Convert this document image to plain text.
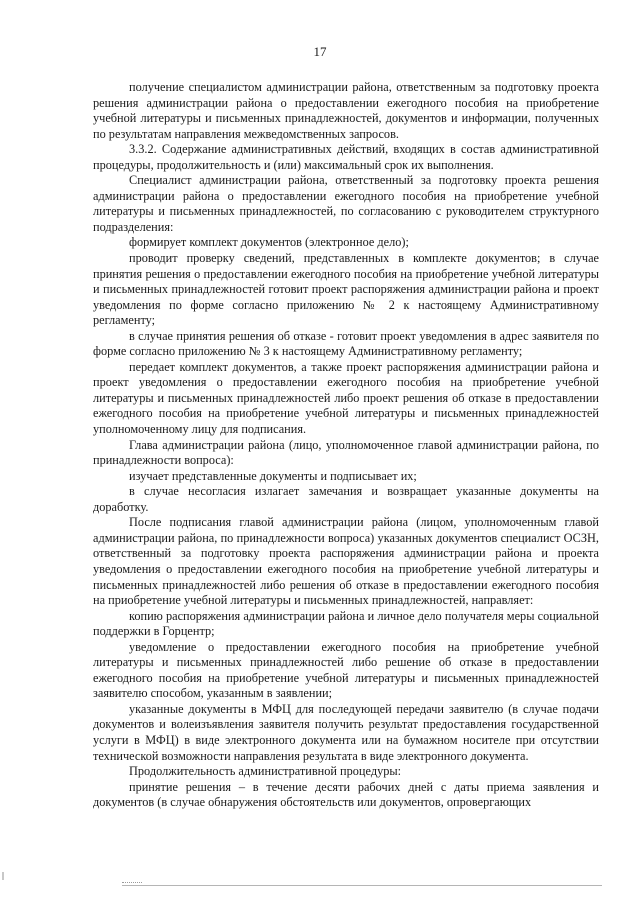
17

получение специалистом администрации района, ответственным за подготовку проекта решения администрации района о предоставлении ежегодного пособия на приобретение учебной литературы и письменных принадлежностей, документов и информации, полученных по результатам направления межведомственных запросов.

3.3.2. Содержание административных действий, входящих в состав административной процедуры, продолжительность и (или) максимальный срок их выполнения.

Специалист администрации района, ответственный за подготовку проекта решения администрации района о предоставлении ежегодного пособия на приобретение учебной литературы и письменных принадлежностей, по согласованию с руководителем структурного подразделения:

формирует комплект документов (электронное дело);

проводит проверку сведений, представленных в комплекте документов; в случае принятия решения о предоставлении ежегодного пособия на приобретение учебной литературы и письменных принадлежностей готовит проект распоряжения администрации района и проект уведомления по форме согласно приложению № 2 к настоящему Административному регламенту;

в случае принятия решения об отказе - готовит проект уведомления в адрес заявителя по форме согласно приложению № 3 к настоящему Административному регламенту;

передает комплект документов, а также проект распоряжения администрации района и проект уведомления о предоставлении ежегодного пособия на приобретение учебной литературы и письменных принадлежностей либо проект решения об отказе в предоставлении ежегодного пособия на приобретение учебной литературы и письменных принадлежностей уполномоченному лицу для подписания.

Глава администрации района (лицо, уполномоченное главой администрации района, по принадлежности вопроса):

изучает представленные документы и подписывает их;

в случае несогласия излагает замечания и возвращает указанные документы на доработку.

После подписания главой администрации района (лицом, уполномоченным главой администрации района, по принадлежности вопроса) указанных документов специалист ОСЗН, ответственный за подготовку проекта распоряжения администрации района и проекта уведомления о предоставлении ежегодного пособия на приобретение учебной литературы и письменных принадлежностей либо решения об отказе в предоставлении ежегодного пособия на приобретение учебной литературы и письменных принадлежностей, направляет:

копию распоряжения администрации района и личное дело получателя меры социальной поддержки в Горцентр;

уведомление о предоставлении ежегодного пособия на приобретение учебной литературы и письменных принадлежностей либо решение об отказе в предоставлении ежегодного пособия на приобретение учебной литературы и письменных принадлежностей заявителю способом, указанным в заявлении;

указанные документы в МФЦ для последующей передачи заявителю (в случае подачи документов и волеизъявления заявителя получить результат предоставления государственной услуги в МФЦ) в виде электронного документа или на бумажном носителе при отсутствии технической возможности направления результата в виде электронного документа.

Продолжительность административной процедуры:

принятие решения – в течение десяти рабочих дней с даты приема заявления и документов (в случае обнаружения обстоятельств или документов, опровергающих
